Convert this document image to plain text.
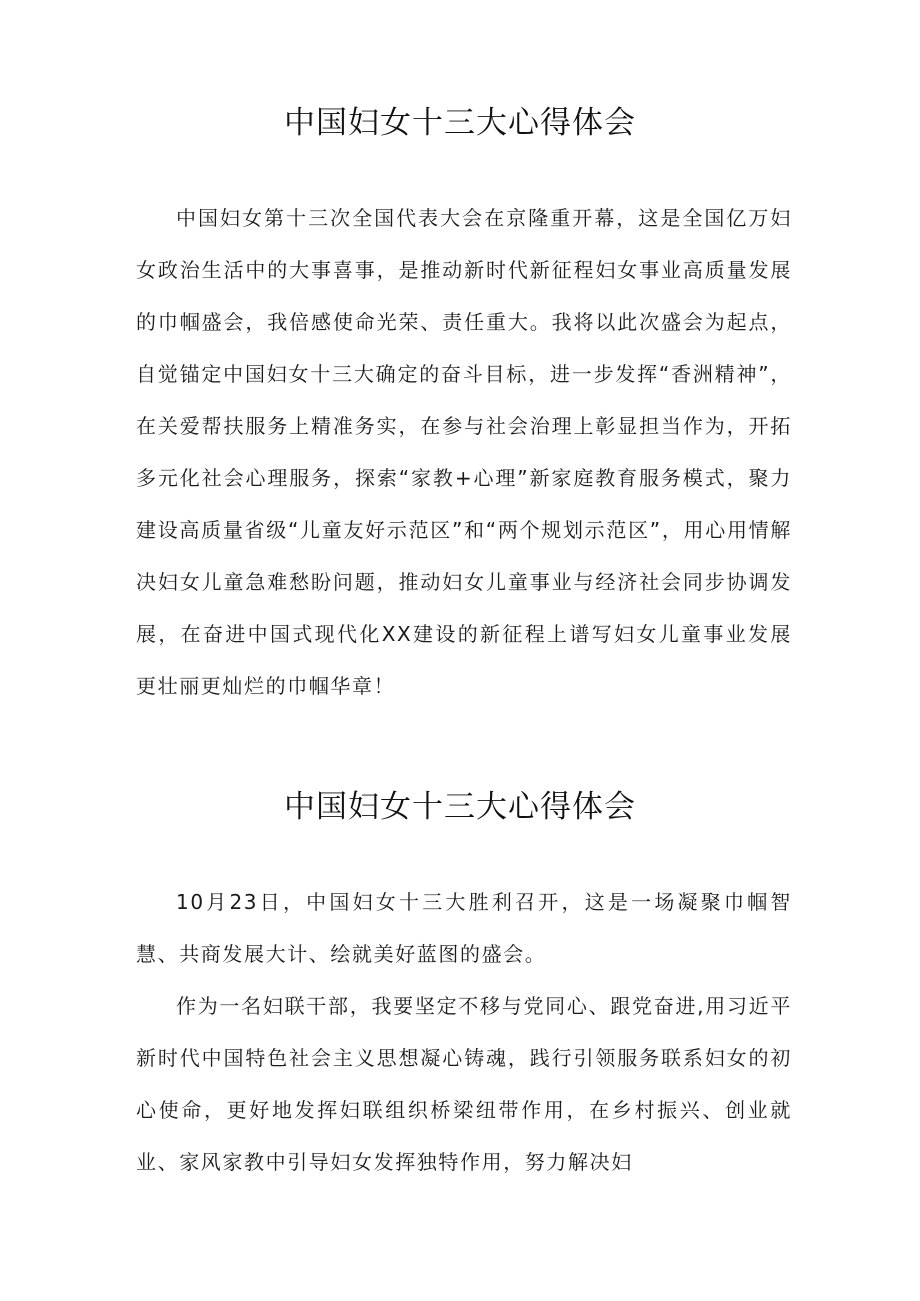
中国妇女十三大心得体会

中国妇女第十三次全国代表大会在京隆重开幕，这是全国亿万妇女政治生活中的大事喜事，是推动新时代新征程妇女事业高质量发展的巾帼盛会，我倍感使命光荣、责任重大。我将以此次盛会为起点，自觉锚定中国妇女十三大确定的奋斗目标，进一步发挥“香洲精神”，在关爱帮扶服务上精准务实，在参与社会治理上彰显担当作为，开拓多元化社会心理服务，探索“家教+心理”新家庭教育服务模式，聚力建设高质量省级“儿童友好示范区”和“两个规划示范区”，用心用情解决妇女儿童急难愁盼问题，推动妇女儿童事业与经济社会同步协调发展，在奋进中国式现代化XX建设的新征程上谱写妇女儿童事业发展更壮丽更灿烂的巾帼华章！

中国妇女十三大心得体会

10月23日，中国妇女十三大胜利召开，这是一场凝聚巾帼智慧、共商发展大计、绘就美好蓝图的盛会。

作为一名妇联干部，我要坚定不移与党同心、跟党奋进,用习近平新时代中国特色社会主义思想凝心铸魂，践行引领服务联系妇女的初心使命，更好地发挥妇联组织桥梁纽带作用，在乡村振兴、创业就业、家风家教中引导妇女发挥独特作用，努力解决妇
